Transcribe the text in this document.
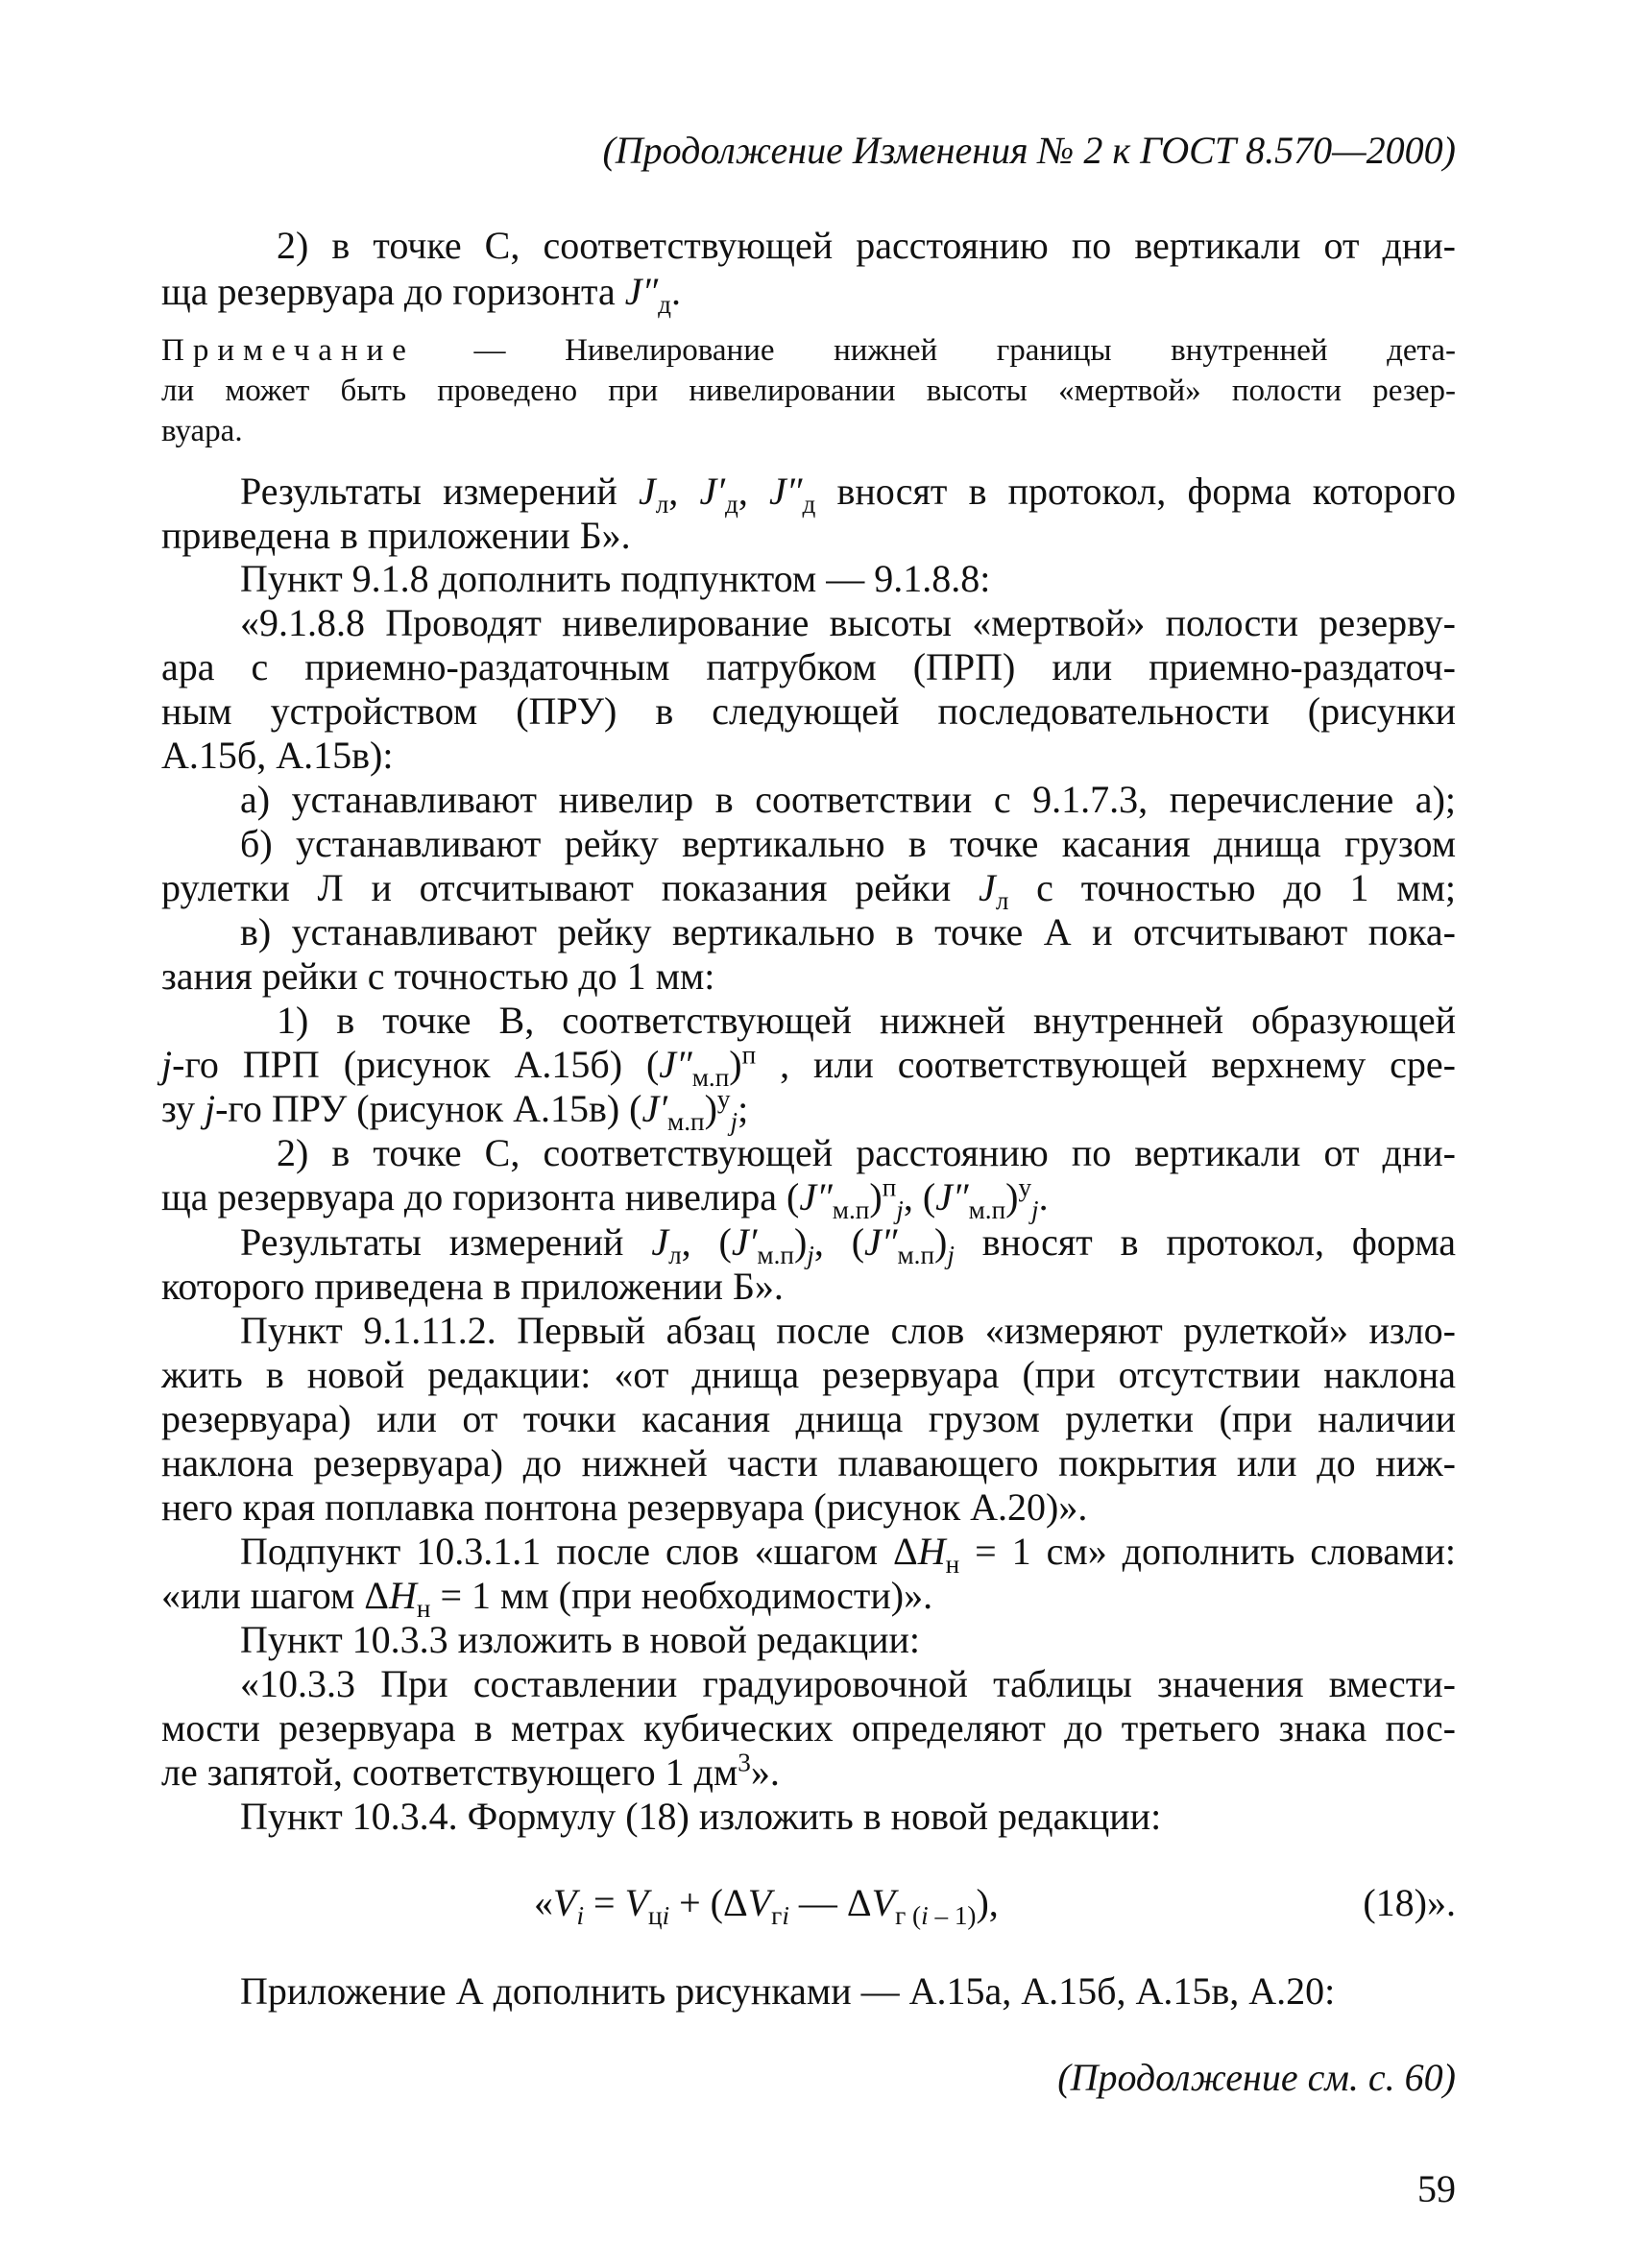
(Продолжение Изменения № 2 к ГОСТ 8.570—2000)
2) в точке С, соответствующей расстоянию по вертикали от дни-
ща резервуара до горизонта $J''_д$.
Примечание — Нивелирование нижней границы внутренней дета-
ли может быть проведено при нивелировании высоты «мертвой» полости резер-
вуара.
Результаты измерений $J_л$, $J'_д$, $J''_д$ вносят в протокол, форма которого
приведена в приложении Б».
Пункт 9.1.8 дополнить подпунктом — 9.1.8.8:
«9.1.8.8 Проводят нивелирование высоты «мертвой» полости резерву-
ара с приемно-раздаточным патрубком (ПРП) или приемно-раздаточ-
ным устройством (ПРУ) в следующей последовательности (рисунки
А.15б, А.15в):
а) устанавливают нивелир в соответствии с 9.1.7.3, перечисление а);
б) устанавливают рейку вертикально в точке касания днища грузом
рулетки Л и отсчитывают показания рейки $J_л$ с точностью до 1 мм;
в) устанавливают рейку вертикально в точке А и отсчитывают пока-
зания рейки с точностью до 1 мм:
1) в точке В, соответствующей нижней внутренней образующей
j-го ПРП (рисунок А.15б) $(J''_{м.п})^п$ , или соответствующей верхнему сре-
зу j-го ПРУ (рисунок А.15в) $(J'_{м.п})^у_j$;
2) в точке С, соответствующей расстоянию по вертикали от дни-
ща резервуара до горизонта нивелира $(J''_{м.п})^п_j$, $(J''_{м.п})^у_j$.
Результаты измерений $J_л$, $(J'_{м.п})_j$, $(J''_{м.п})_j$ вносят в протокол, форма
которого приведена в приложении Б».
Пункт 9.1.11.2. Первый абзац после слов «измеряют рулеткой» изло-
жить в новой редакции: «от днища резервуара (при отсутствии наклона
резервуара) или от точки касания днища грузом рулетки (при наличии
наклона резервуара) до нижней части плавающего покрытия или до ниж-
него края поплавка понтона резервуара (рисунок А.20)».
Подпункт 10.3.1.1 после слов «шагом $\Delta H_н = 1$ см» дополнить словами:
«или шагом $\Delta H_н = 1$ мм (при необходимости)».
Пункт 10.3.3 изложить в новой редакции:
«10.3.3 При составлении градуировочной таблицы значения вмести-
мости резервуара в метрах кубических определяют до третьего знака пос-
ле запятой, соответствующего 1 $дм^3$».
Пункт 10.3.4. Формулу (18) изложить в новой редакции:
«$V_i = V_{цi} + (\Delta V_{гi}$ — $\Delta V_{г (i - 1)}$),	(18)».
Приложение А дополнить рисунками — А.15а, А.15б, А.15в, А.20:
(Продолжение см. с. 60)
59
